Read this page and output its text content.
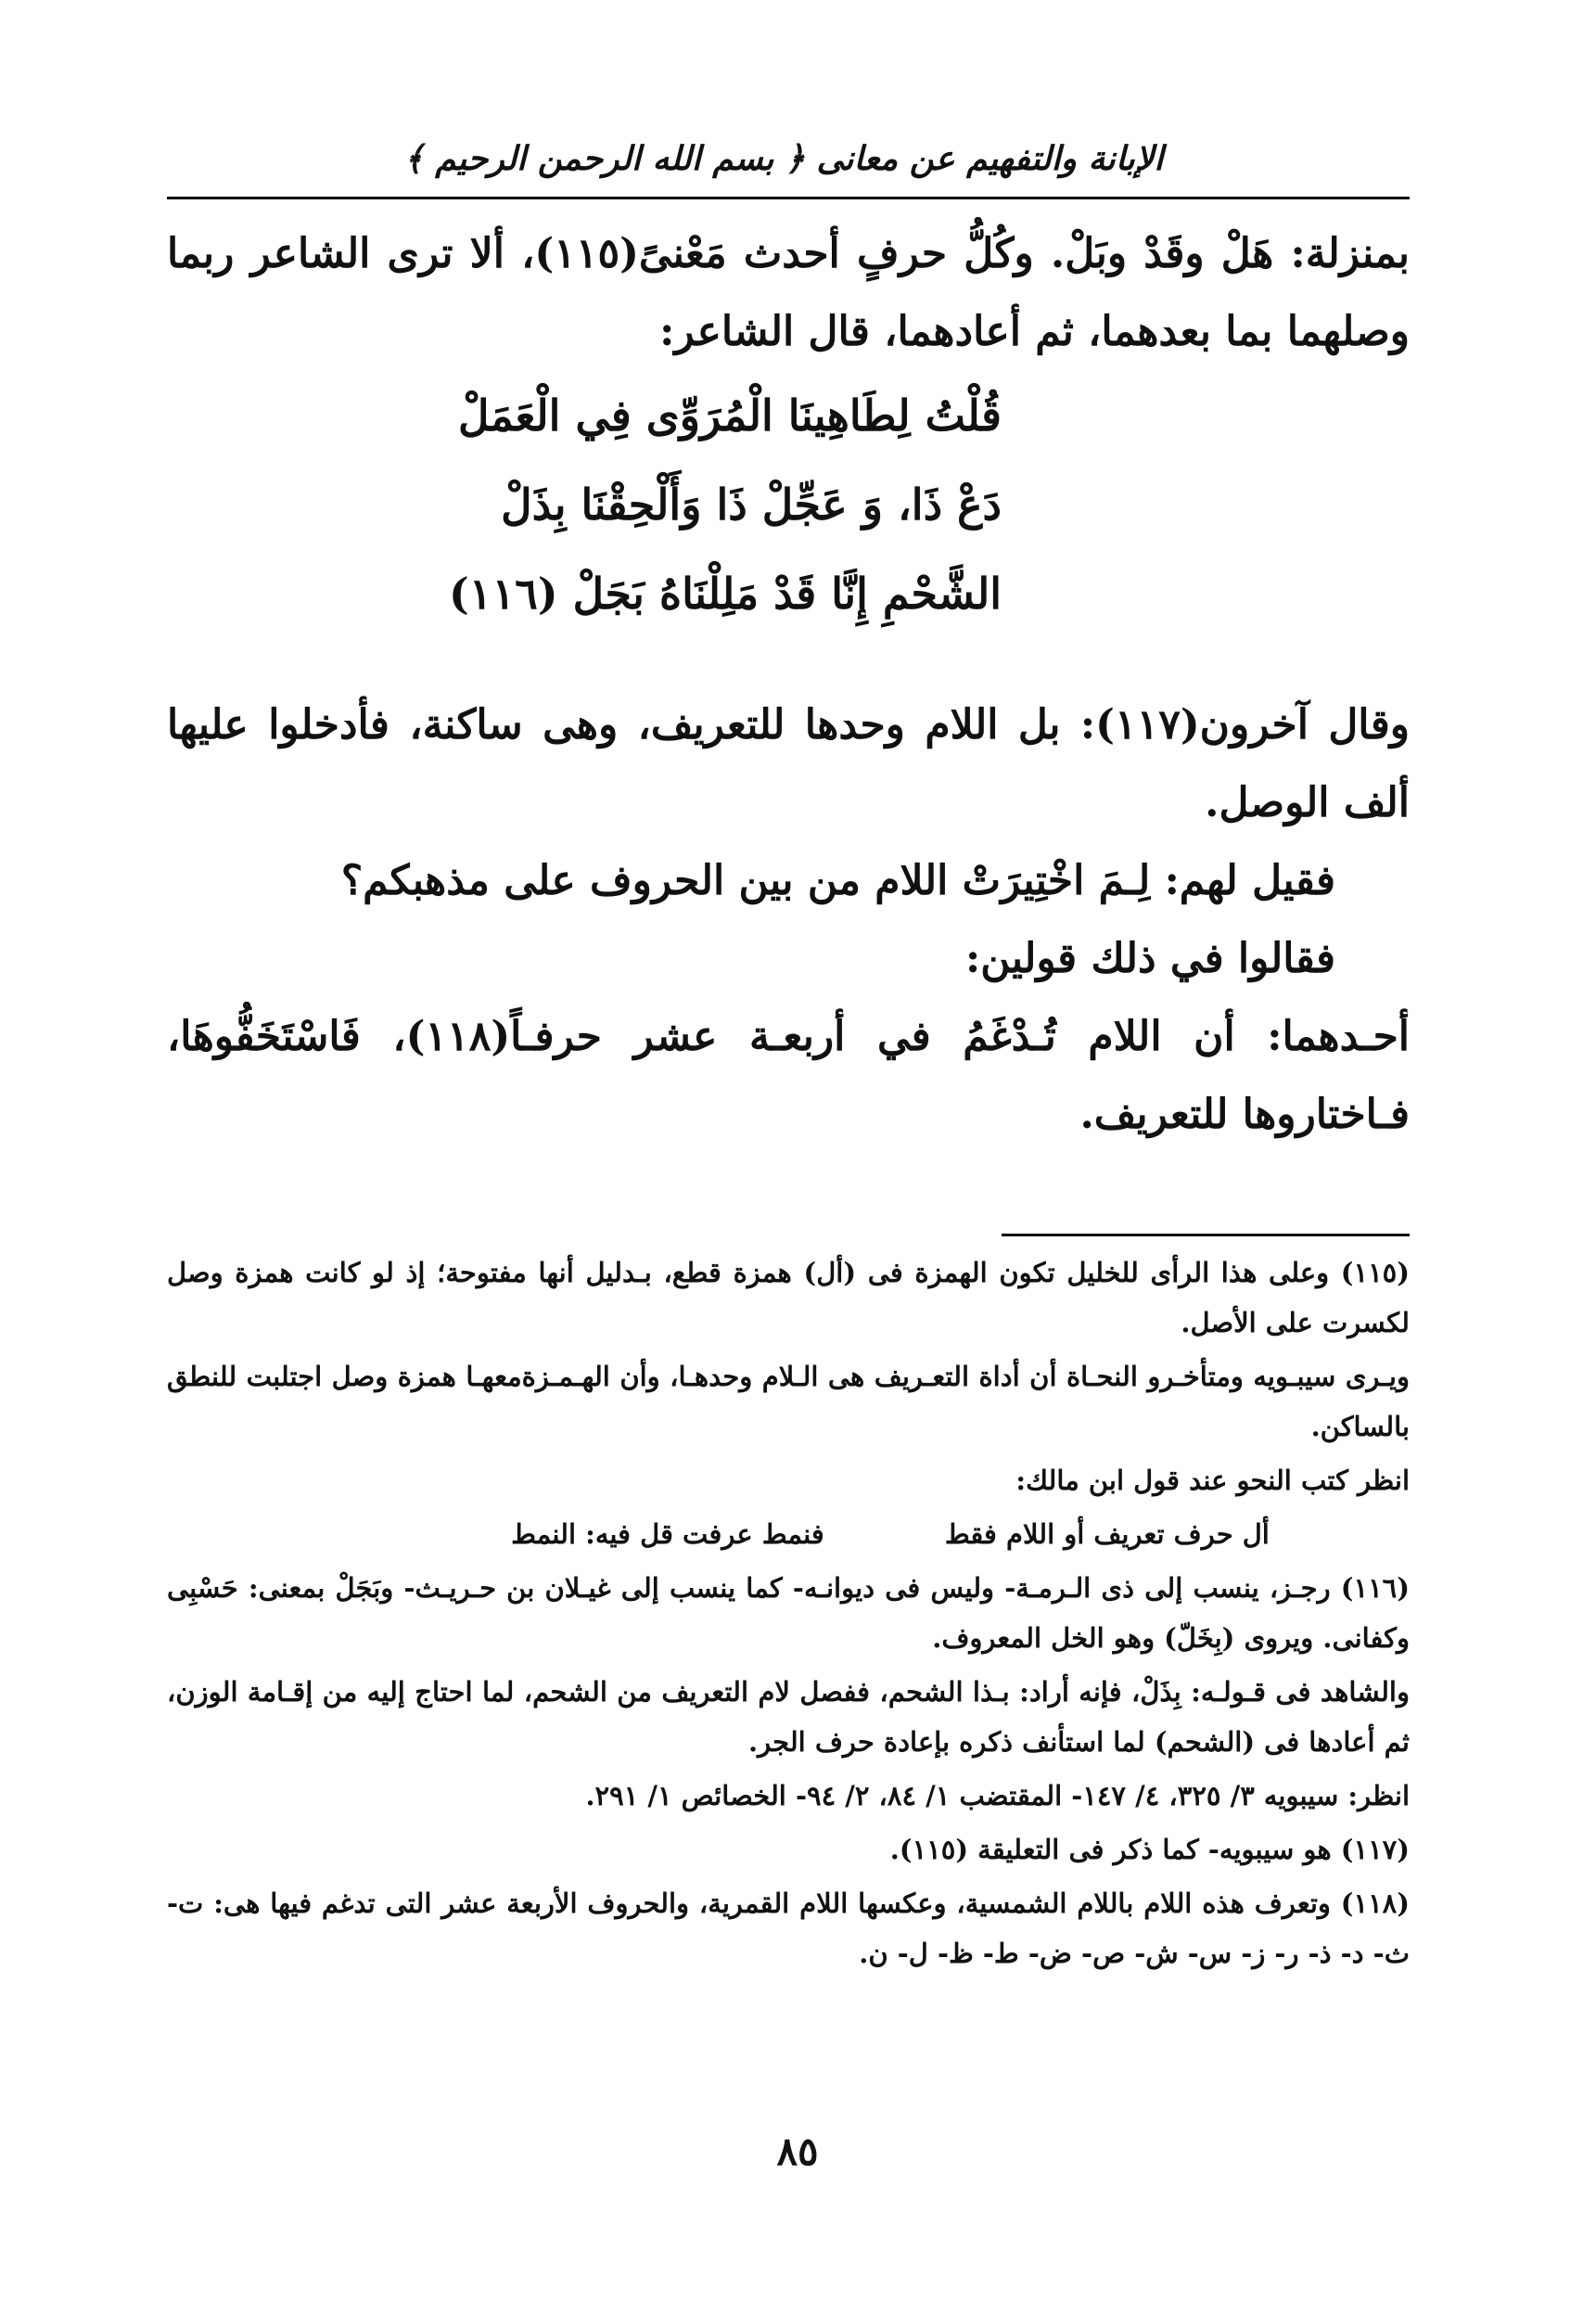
الإبانة والتفهيم عن معانى ﴿ بسم الله الرحمن الرحيم ﴾

بمنزلة: هَلْ وقَدْ وبَلْ. وكُلُّ حرفٍ أحدث مَعْنىً(١١٥)، ألا ترى الشاعر ربما وصلهما بما بعدهما، ثم أعادهما، قال الشاعر:

قُلْتُ لِطَاهِينَا الْمُرَوِّى فِي الْعَمَلْ

دَعْ ذَا، وَ عَجِّلْ ذَا وَأَلْحِقْنَا بِذَلْ

الشَّحْمِ إِنَّا قَدْ مَلِلْنَاهُ بَجَلْ (١١٦)

وقال آخرون(١١٧): بل اللام وحدها للتعريف، وهى ساكنة، فأدخلوا عليها ألف الوصل.

فقيل لهم: لِـمَ اخْتِيرَتْ اللام من بين الحروف على مذهبكم؟

فقالوا في ذلك قولين:

أحـدهما: أن اللام تُـدْغَمُ في أربعـة عشر حرفـاً(١١٨)، فَاسْتَخَفُّوهَا، فـاختاروها للتعريف.

(١١٥) وعلى هذا الرأى للخليل تكون الهمزة فى (أل) همزة قطع، بـدليل أنها مفتوحة؛ إذ لو كانت همزة وصل لكسرت على الأصل.

ويـرى سيبـويه ومتأخـرو النحـاة أن أداة التعـريف هى الـلام وحدهـا، وأن الهـمـزةمعهـا همزة وصل اجتلبت للنطق بالساكن.

انظر كتب النحو عند قول ابن مالك:

أل حرف تعريف أو اللام فقط فنمط عرفت قل فيه: النمط

(١١٦) رجـز، ينسب إلى ذى الـرمـة- وليس فى ديوانـه- كما ينسب إلى غيـلان بن حـريـث- وبَجَلْ بمعنى: حَسْبِى وكفانى. ويروى (بِخَلّ) وهو الخل المعروف.

والشاهد فى قـولـه: بِذَلْ، فإنه أراد: بـذا الشحم، ففصل لام التعريف من الشحم، لما احتاج إليه من إقـامة الوزن، ثم أعادها فى (الشحم) لما استأنف ذكره بإعادة حرف الجر.

انظر: سيبويه ٣/ ٣٢٥، ٤/ ١٤٧- المقتضب ١/ ٨٤، ٢/ ٩٤- الخصائص ١/ ٢٩١.

(١١٧) هو سيبويه- كما ذكر فى التعليقة (١١٥).

(١١٨) وتعرف هذه اللام باللام الشمسية، وعكسها اللام القمرية، والحروف الأربعة عشر التى تدغم فيها هى: ت- ث- د- ذ- ر- ز- س- ش- ص- ض- ط- ظ- ل- ن.

٨٥
